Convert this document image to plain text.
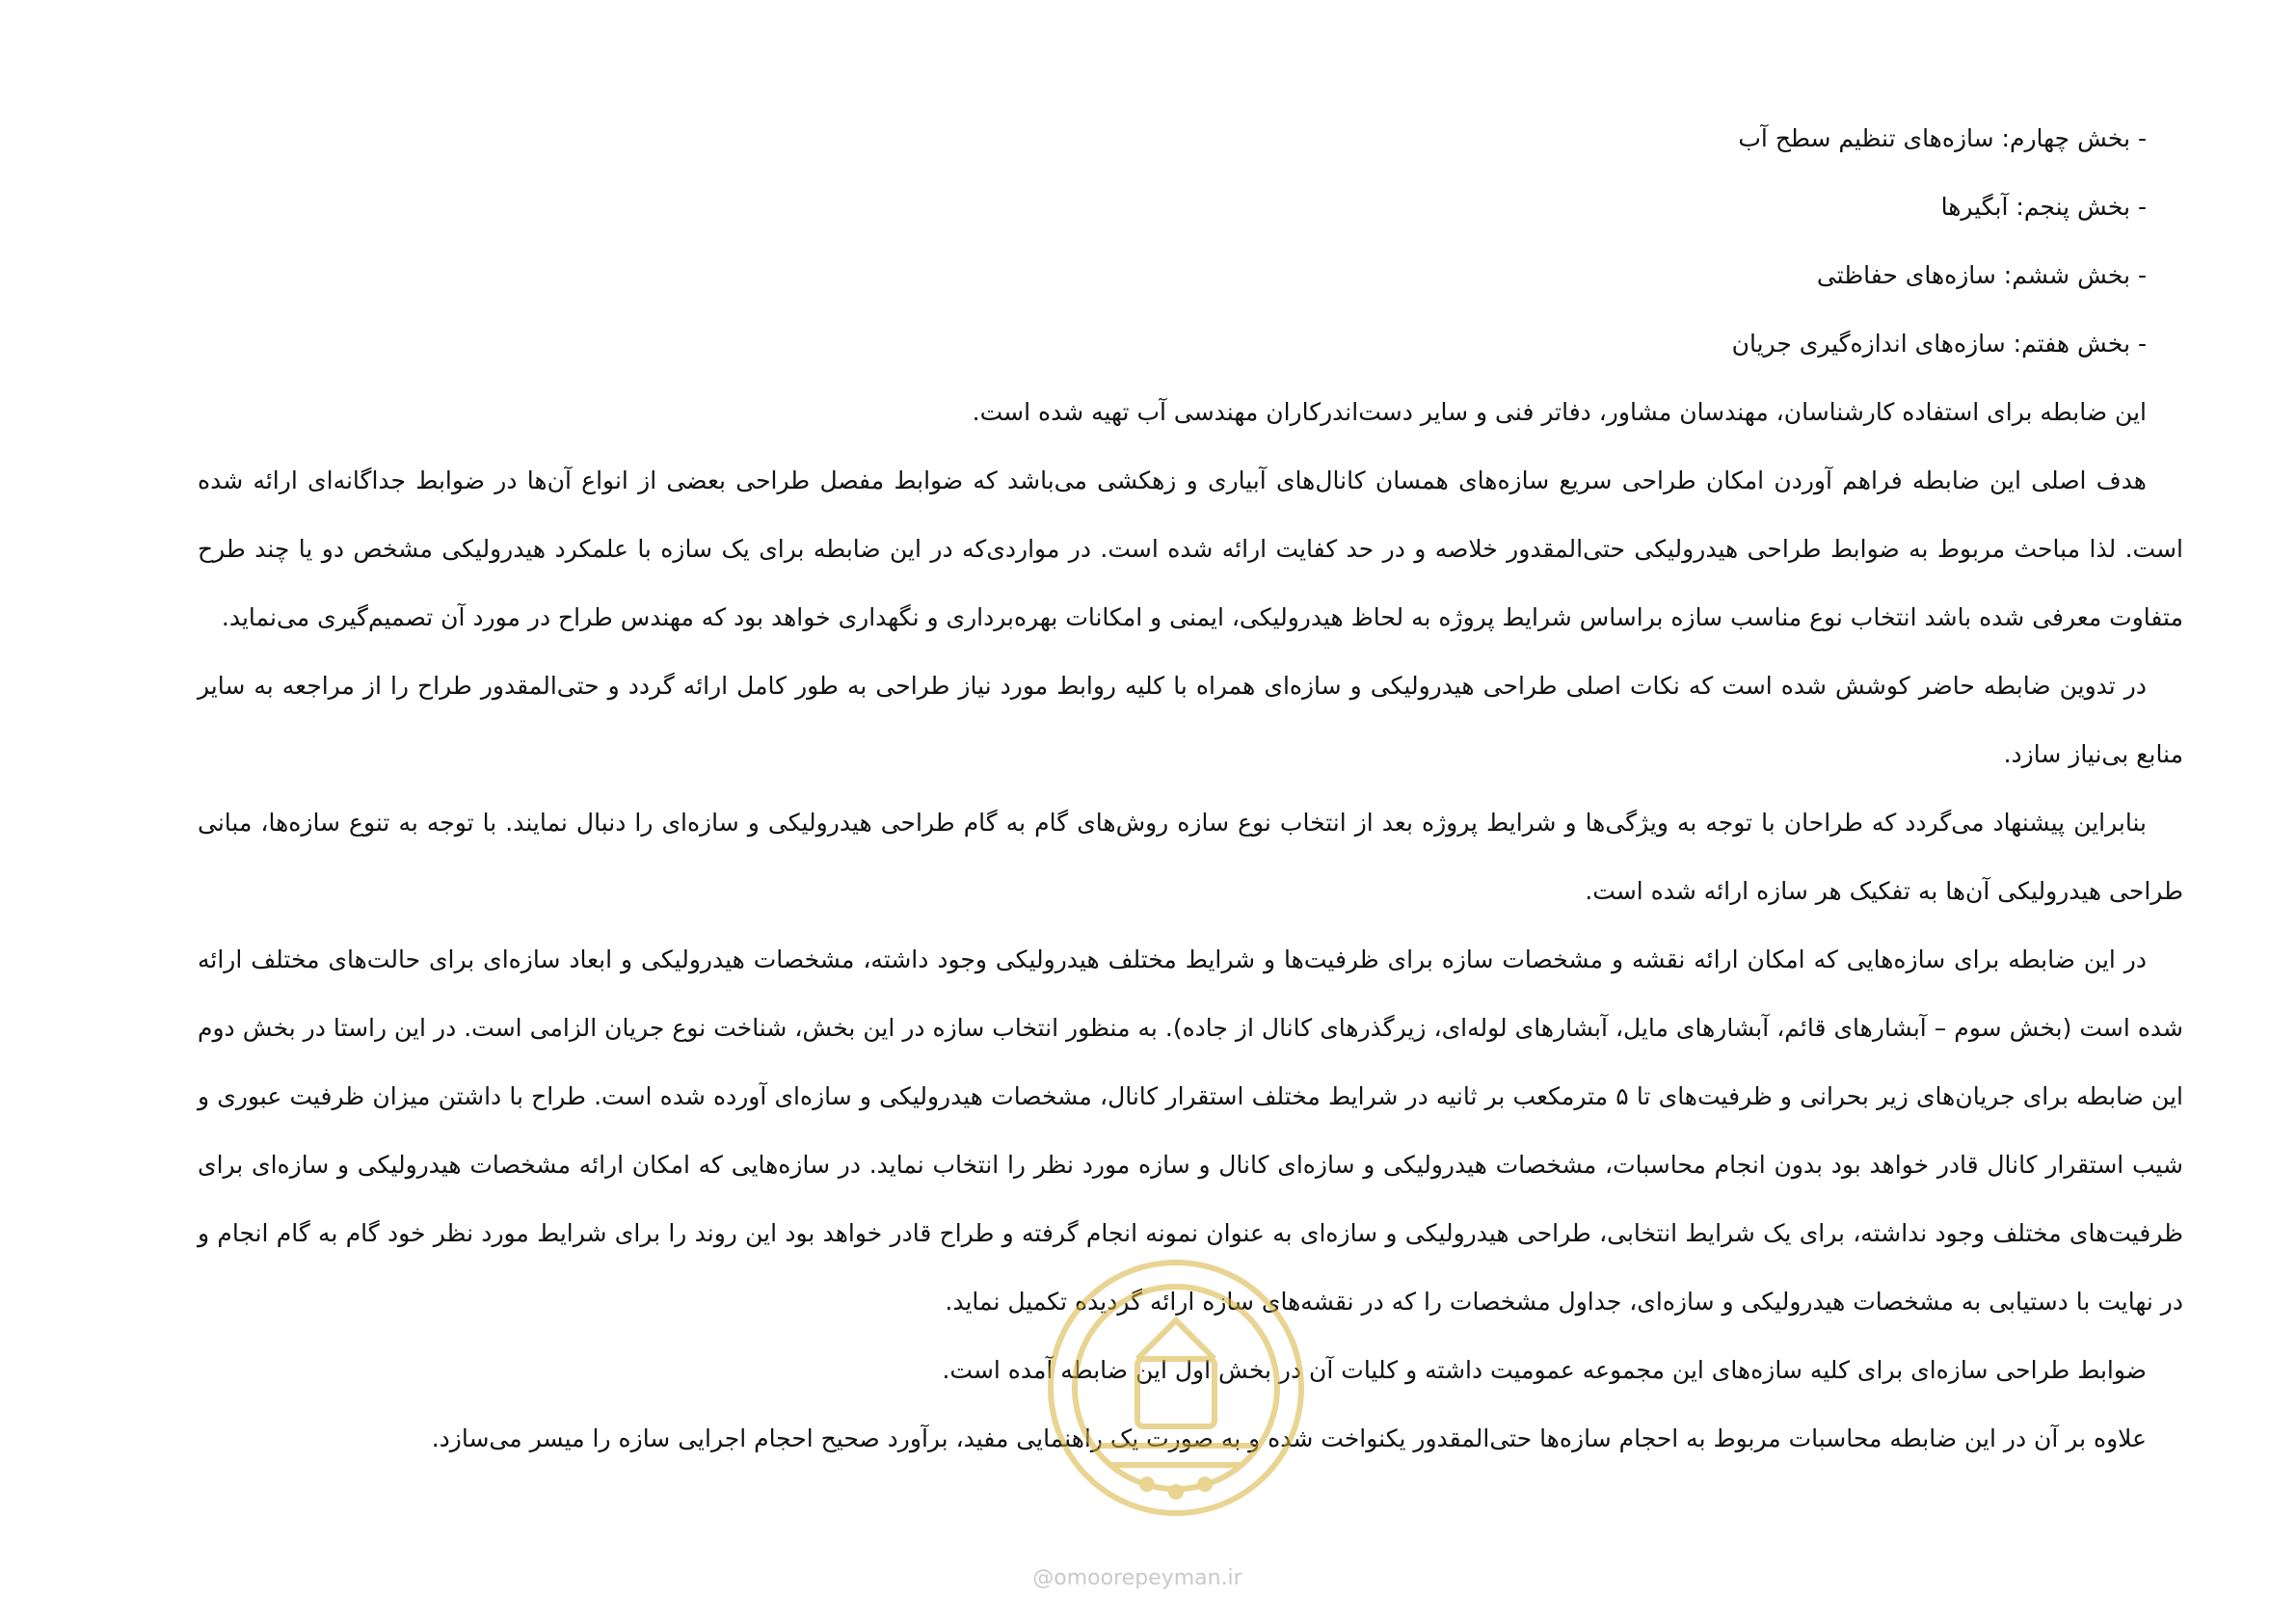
- بخش چهارم: سازه‌های تنظیم سطح آب

- بخش پنجم: آبگیرها

- بخش ششم: سازه‌های حفاظتی

- بخش هفتم: سازه‌های اندازه‌گیری جریان

این ضابطه برای استفاده کارشناسان، مهندسان مشاور، دفاتر فنی و سایر دست‌اندرکاران مهندسی آب تهیه شده است.

هدف اصلی این ضابطه فراهم آوردن امکان طراحی سریع سازه‌های همسان کانال‌های آبیاری و زهکشی می‌باشد که ضوابط مفصل طراحی بعضی از انواع آن‌ها در ضوابط جداگانه‌ای ارائه شده است. لذا مباحث مربوط به ضوابط طراحی هیدرولیکی حتی‌المقدور خلاصه و در حد کفایت ارائه شده است. در مواردی‌که در این ضابطه برای یک سازه با علمکرد هیدرولیکی مشخص دو یا چند طرح متفاوت معرفی شده باشد انتخاب نوع مناسب سازه براساس شرایط پروژه به لحاظ هیدرولیکی، ایمنی و امکانات بهره‌برداری و نگهداری خواهد بود که مهندس طراح در مورد آن تصمیم‌گیری می‌نماید.

در تدوین ضابطه حاضر کوشش شده است که نکات اصلی طراحی هیدرولیکی و سازه‌ای همراه با کلیه روابط مورد نیاز طراحی به طور کامل ارائه گردد و حتی‌المقدور طراح را از مراجعه به سایر منابع بی‌نیاز سازد.

بنابراین پیشنهاد می‌گردد که طراحان با توجه به ویژگی‌ها و شرایط پروژه بعد از انتخاب نوع سازه روش‌های گام به گام طراحی هیدرولیکی و سازه‌ای را دنبال نمایند. با توجه به تنوع سازه‌ها، مبانی طراحی هیدرولیکی آن‌ها به تفکیک هر سازه ارائه شده است.

در این ضابطه برای سازه‌هایی که امکان ارائه نقشه و مشخصات سازه برای ظرفیت‌ها و شرایط مختلف هیدرولیکی وجود داشته، مشخصات هیدرولیکی و ابعاد سازه‌ای برای حالت‌های مختلف ارائه شده است (بخش سوم – آبشارهای قائم، آبشارهای مایل، آبشارهای لوله‌ای، زیرگذرهای کانال از جاده). به منظور انتخاب سازه در این بخش، شناخت نوع جریان الزامی است. در این راستا در بخش دوم این ضابطه برای جریان‌های زیر بحرانی و ظرفیت‌های تا ۵ مترمکعب بر ثانیه در شرایط مختلف استقرار کانال، مشخصات هیدرولیکی و سازه‌ای آورده شده است. طراح با داشتن میزان ظرفیت عبوری و شیب استقرار کانال قادر خواهد بود بدون انجام محاسبات، مشخصات هیدرولیکی و سازه‌ای کانال و سازه مورد نظر را انتخاب نماید. در سازه‌هایی که امکان ارائه مشخصات هیدرولیکی و سازه‌ای برای ظرفیت‌های مختلف وجود نداشته، برای یک شرایط انتخابی، طراحی هیدرولیکی و سازه‌ای به عنوان نمونه انجام گرفته و طراح قادر خواهد بود این روند را برای شرایط مورد نظر خود گام به گام انجام و در نهایت با دستیابی به مشخصات هیدرولیکی و سازه‌ای، جداول مشخصات را که در نقشه‌های سازه ارائه گردیده تکمیل نماید.

ضوابط طراحی سازه‌ای برای کلیه سازه‌های این مجموعه عمومیت داشته و کلیات آن در بخش اول این ضابطه آمده است.

علاوه بر آن در این ضابطه محاسبات مربوط به احجام سازه‌ها حتی‌المقدور یکنواخت شده و به صورت یک راهنمایی مفید، برآورد صحیح احجام اجرایی سازه را میسر می‌سازد.

@omoorepeyman.ir
